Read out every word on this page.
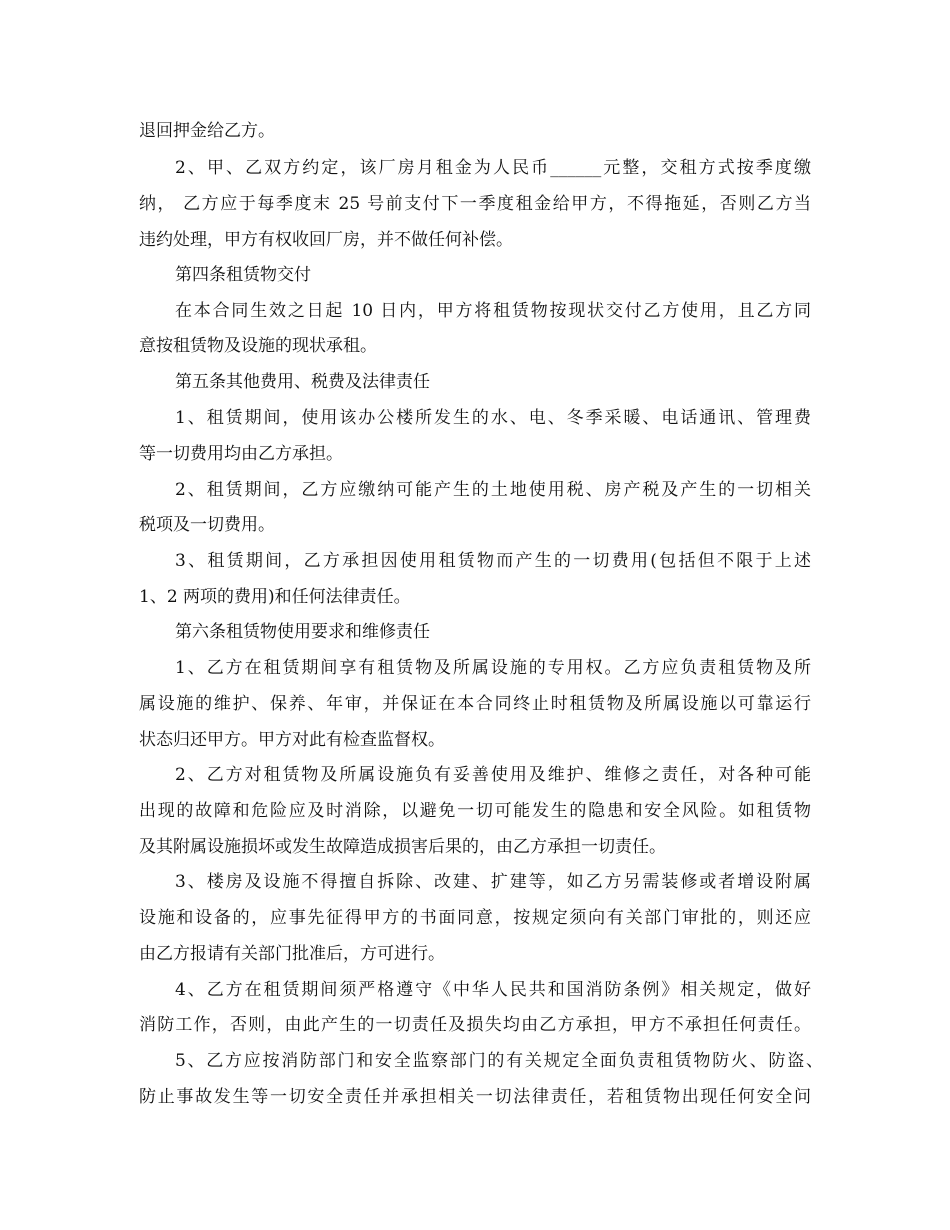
退回押金给乙方。
2、甲、乙双方约定，该厂房月租金为人民币______元整，交租方式按季度缴
纳， 乙方应于每季度末 25 号前支付下一季度租金给甲方，不得拖延，否则乙方当
违约处理，甲方有权收回厂房，并不做任何补偿。
第四条租赁物交付
在本合同生效之日起 10 日内，甲方将租赁物按现状交付乙方使用，且乙方同
意按租赁物及设施的现状承租。
第五条其他费用、税费及法律责任
1、租赁期间，使用该办公楼所发生的水、电、冬季采暖、电话通讯、管理费
等一切费用均由乙方承担。
2、租赁期间，乙方应缴纳可能产生的土地使用税、房产税及产生的一切相关
税项及一切费用。
3、租赁期间，乙方承担因使用租赁物而产生的一切费用(包括但不限于上述
1、2 两项的费用)和任何法律责任。
第六条租赁物使用要求和维修责任
1、乙方在租赁期间享有租赁物及所属设施的专用权。乙方应负责租赁物及所
属设施的维护、保养、年审，并保证在本合同终止时租赁物及所属设施以可靠运行
状态归还甲方。甲方对此有检查监督权。
2、乙方对租赁物及所属设施负有妥善使用及维护、维修之责任，对各种可能
出现的故障和危险应及时消除，以避免一切可能发生的隐患和安全风险。如租赁物
及其附属设施损坏或发生故障造成损害后果的，由乙方承担一切责任。
3、楼房及设施不得擅自拆除、改建、扩建等，如乙方另需装修或者增设附属
设施和设备的，应事先征得甲方的书面同意，按规定须向有关部门审批的，则还应
由乙方报请有关部门批准后，方可进行。
4、乙方在租赁期间须严格遵守《中华人民共和国消防条例》相关规定，做好
消防工作，否则，由此产生的一切责任及损失均由乙方承担，甲方不承担任何责任。
5、乙方应按消防部门和安全监察部门的有关规定全面负责租赁物防火、防盗、
防止事故发生等一切安全责任并承担相关一切法律责任，若租赁物出现任何安全问
